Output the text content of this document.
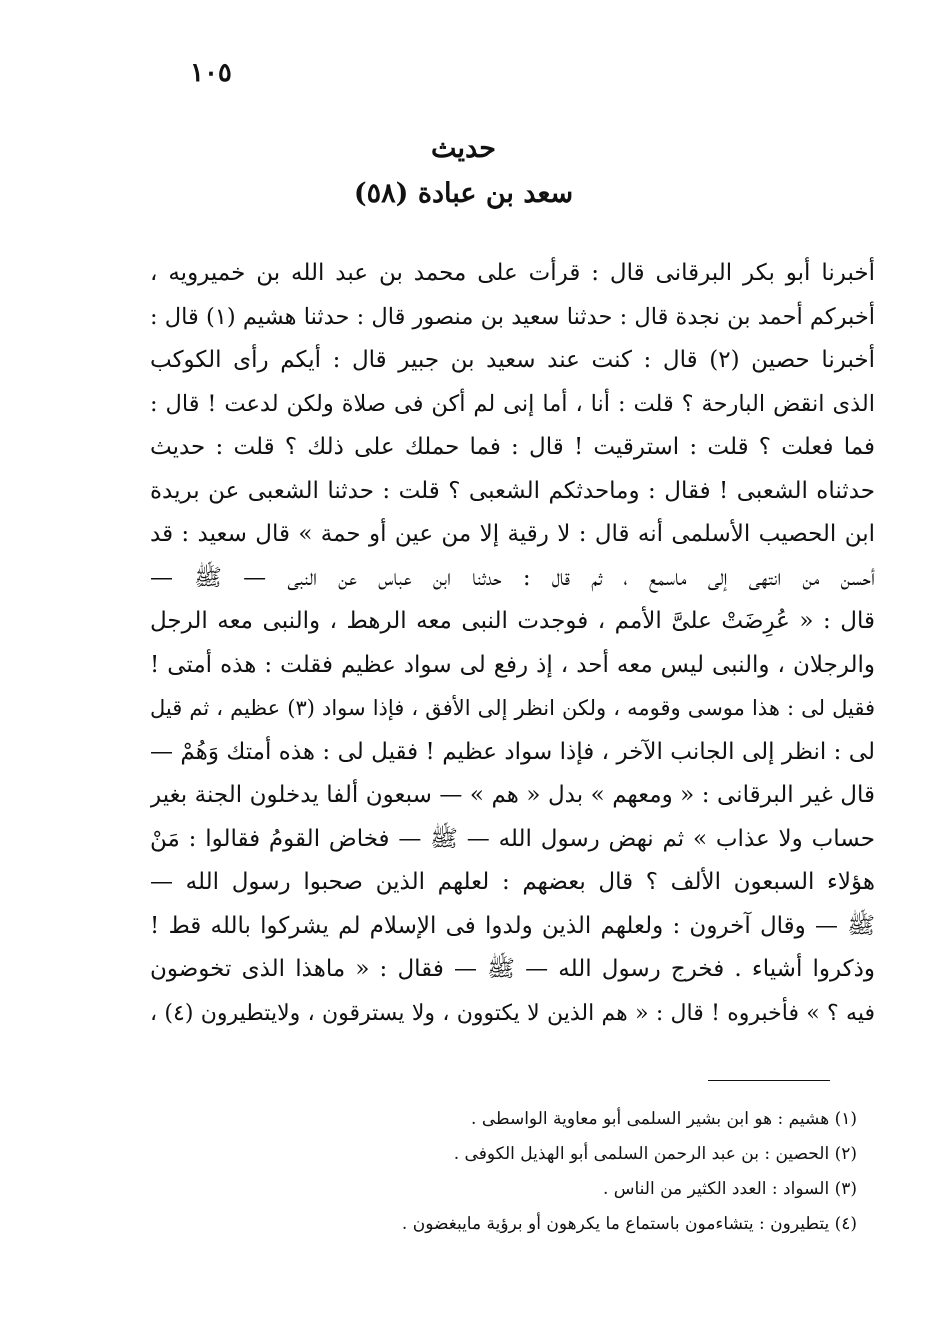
١٠٥
حديث
(٥٨) سعد بن عبادة
أخبرنا أبو بكر البرقانى قال : قرأت على محمد بن عبد الله بن خميرويه ،
أخبركم أحمد بن نجدة قال : حدثنا سعيد بن منصور قال : حدثنا هشيم (١) قال :
أخبرنا حصين (٢) قال : كنت عند سعيد بن جبير قال : أيكم رأى الكوكب
الذى انقض البارحة ؟ قلت : أنا ، أما إنى لم أكن فى صلاة ولكن لدعت ! قال :
فما فعلت ؟ قلت : استرقيت ! قال : فما حملك على ذلك ؟ قلت : حديث
حدثناه الشعبى ! فقال : وماحدثكم الشعبى ؟ قلت : حدثنا الشعبى عن بريدة
ابن الحصيب الأسلمى أنه قال : لا رقية إلا من عين أو حمة » قال سعيد : قد
أحسن من انتهى إلى ماسمع ، ثم قال : حدثنا ابن عباس عن النبى — ﷺ —
قال : « عُرِضَتْ علىَّ الأمم ، فوجدت النبى معه الرهط ، والنبى معه الرجل
والرجلان ، والنبى ليس معه أحد ، إذ رفع لى سواد عظيم فقلت : هذه أمتى !
فقيل لى : هذا موسى وقومه ، ولكن انظر إلى الأفق ، فإذا سواد (٣) عظيم ، ثم قيل
لى : انظر إلى الجانب الآخر ، فإذا سواد عظيم ! فقيل لى : هذه أمتك وَهُمْ —
قال غير البرقانى : « ومعهم » بدل « هم » — سبعون ألفا يدخلون الجنة بغير
حساب ولا عذاب » ثم نهض رسول الله — ﷺ — فخاض القومُ فقالوا : مَنْ
هؤلاء السبعون الألف ؟ قال بعضهم : لعلهم الذين صحبوا رسول الله —
ﷺ — وقال آخرون : ولعلهم الذين ولدوا فى الإسلام لم يشركوا بالله قط !
وذكروا أشياء . فخرج رسول الله — ﷺ — فقال : « ماهذا الذى تخوضون
فيه ؟ » فأخبروه ! قال : « هم الذين لا يكتوون ، ولا يسترقون ، ولايتطيرون (٤) ،
(١) هشيم : هو ابن بشير السلمى أبو معاوية الواسطى .
(٢) الحصين : بن عبد الرحمن السلمى أبو الهذيل الكوفى .
(٣) السواد : العدد الكثير من الناس .
(٤) يتطيرون : يتشاءمون باستماع ما يكرهون أو برؤية مايبغضون .
